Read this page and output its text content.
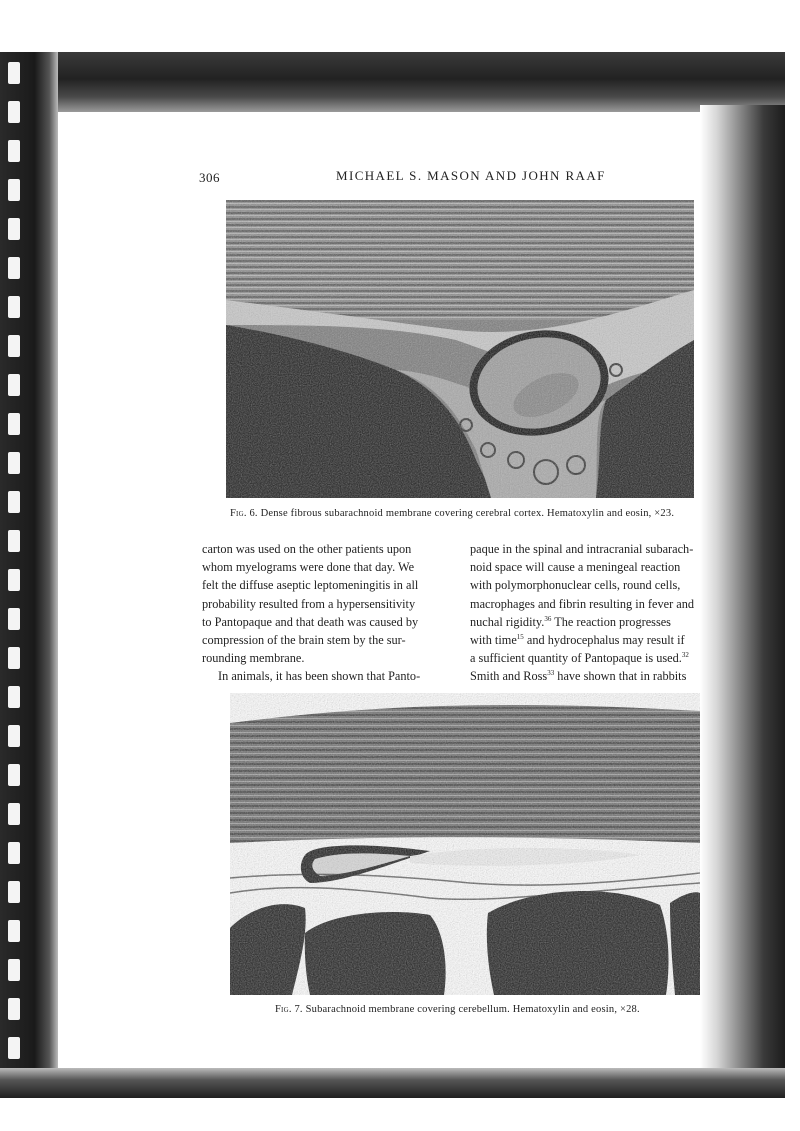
306	MICHAEL S. MASON AND JOHN RAAF
Fig. 6. Dense fibrous subarachnoid membrane covering cerebral cortex. Hematoxylin and eosin, ×23.
carton was used on the other patients upon
whom myelograms were done that day. We
felt the diffuse aseptic leptomeningitis in all
probability resulted from a hypersensitivity
to Pantopaque and that death was caused by
compression of the brain stem by the sur-
rounding membrane.
In animals, it has been shown that Panto-
paque in the spinal and intracranial subarach-
noid space will cause a meningeal reaction
with polymorphonuclear cells, round cells,
macrophages and fibrin resulting in fever and
nuchal rigidity.$^{36}$ The reaction progresses
with time$^{15}$ and hydrocephalus may result if
a sufficient quantity of Pantopaque is used.$^{32}$
Smith and Ross$^{33}$ have shown that in rabbits
Fig. 7. Subarachnoid membrane covering cerebellum. Hematoxylin and eosin, ×28.
